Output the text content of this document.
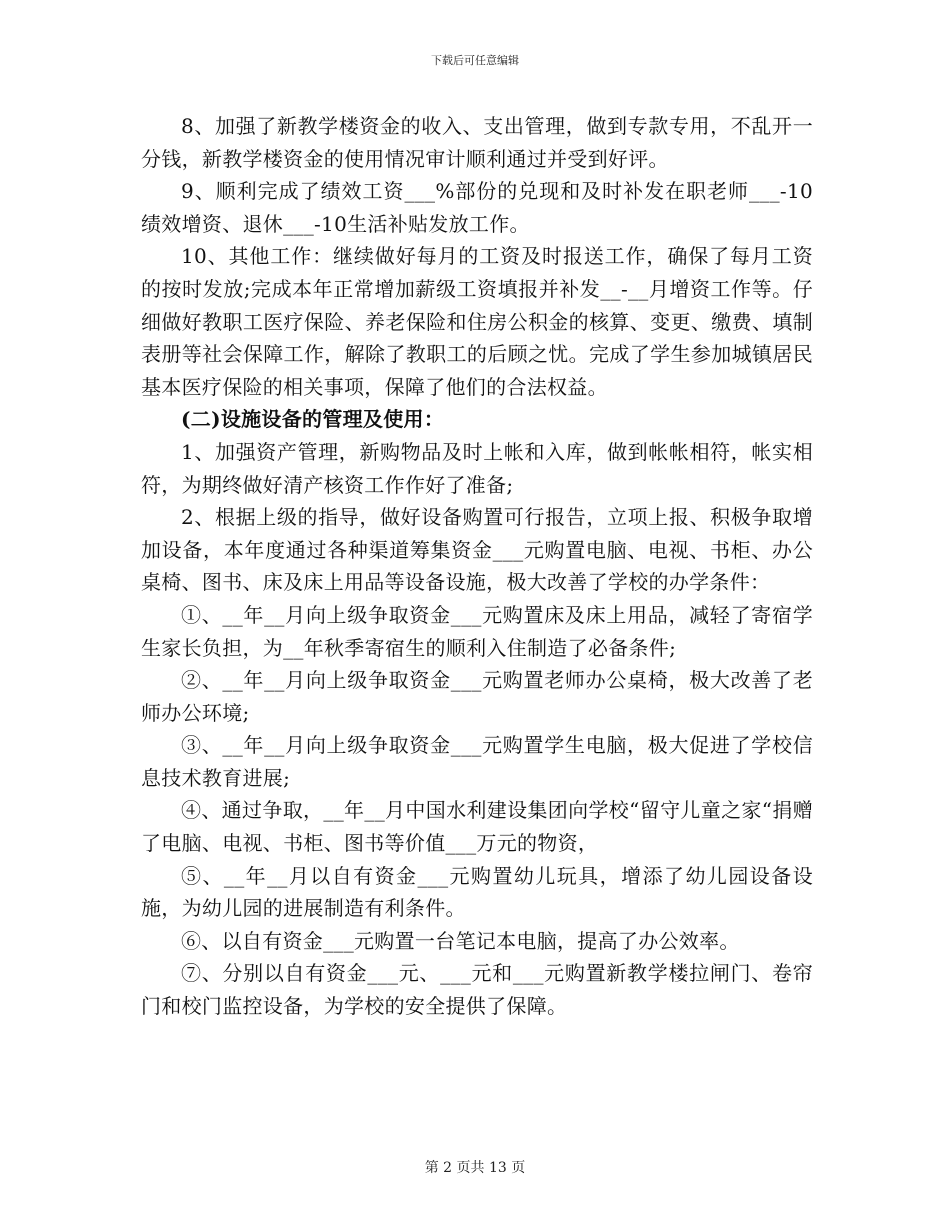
下载后可任意编辑

8、加强了新教学楼资金的收入、支出管理，做到专款专用，不乱开一分钱，新教学楼资金的使用情况审计顺利通过并受到好评。

9、顺利完成了绩效工资___%部份的兑现和及时补发在职老师___-10绩效增资、退休___-10生活补贴发放工作。

10、其他工作：继续做好每月的工资及时报送工作，确保了每月工资的按时发放;完成本年正常增加薪级工资填报并补发__-__月增资工作等。仔细做好教职工医疗保险、养老保险和住房公积金的核算、变更、缴费、填制表册等社会保障工作，解除了教职工的后顾之忧。完成了学生参加城镇居民基本医疗保险的相关事项，保障了他们的合法权益。

(二)设施设备的管理及使用：

1、加强资产管理，新购物品及时上帐和入库，做到帐帐相符，帐实相符，为期终做好清产核资工作作好了准备;

2、根据上级的指导，做好设备购置可行报告，立项上报、积极争取增加设备，本年度通过各种渠道筹集资金___元购置电脑、电视、书柜、办公桌椅、图书、床及床上用品等设备设施，极大改善了学校的办学条件：

①、__年__月向上级争取资金___元购置床及床上用品，减轻了寄宿学生家长负担，为__年秋季寄宿生的顺利入住制造了必备条件;

②、__年__月向上级争取资金___元购置老师办公桌椅，极大改善了老师办公环境;

③、__年__月向上级争取资金___元购置学生电脑，极大促进了学校信息技术教育进展;

④、通过争取，__年__月中国水利建设集团向学校“留守儿童之家“捐赠了电脑、电视、书柜、图书等价值___万元的物资，

⑤、__年__月以自有资金___元购置幼儿玩具，增添了幼儿园设备设施，为幼儿园的进展制造有利条件。

⑥、以自有资金___元购置一台笔记本电脑，提高了办公效率。

⑦、分别以自有资金___元、___元和___元购置新教学楼拉闸门、卷帘门和校门监控设备，为学校的安全提供了保障。

第 2 页共 13 页
